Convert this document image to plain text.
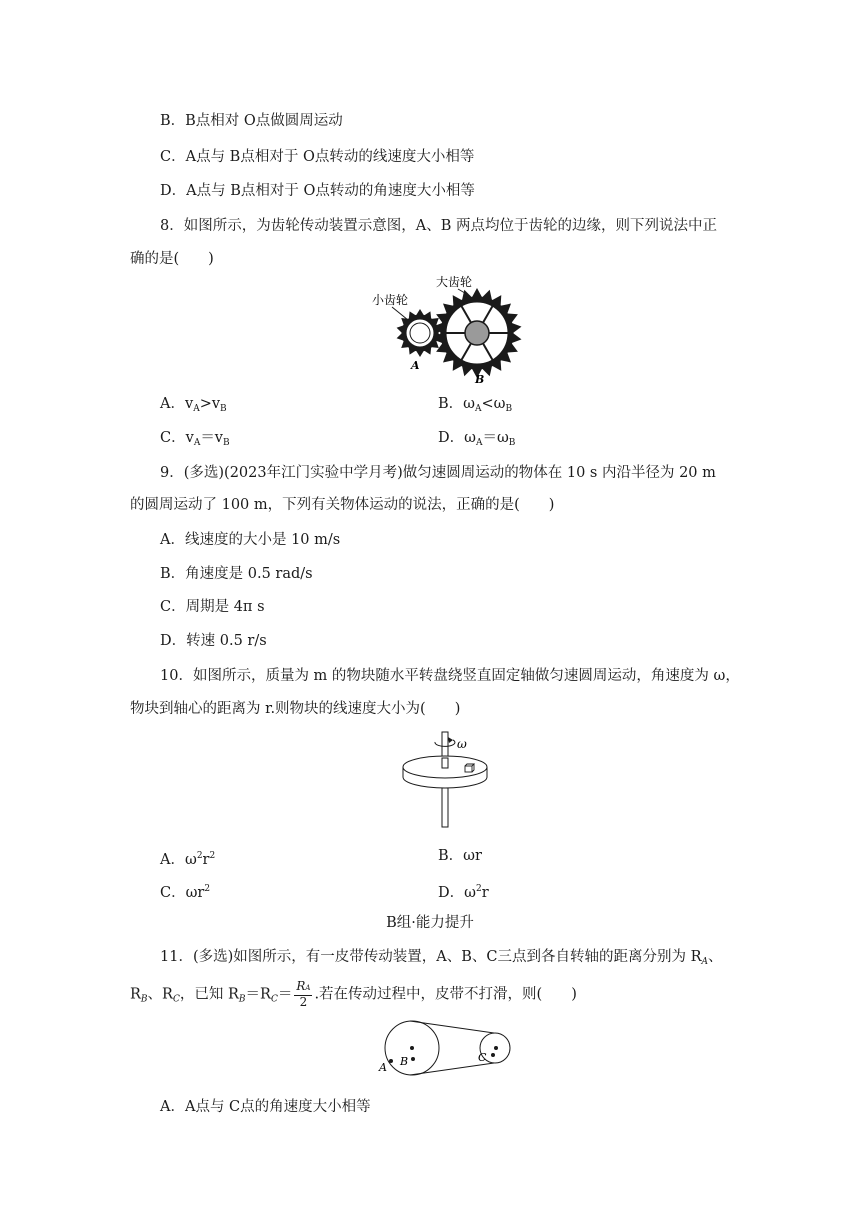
B．B点相对 O点做圆周运动
C．A点与 B点相对于 O点转动的线速度大小相等
D．A点与 B点相对于 O点转动的角速度大小相等
8．如图所示，为齿轮传动装置示意图，A、B 两点均位于齿轮的边缘，则下列说法中正
确的是(　　)
大齿轮
小齿轮
A
B
A．$v_A>v_B$	B．$\omega_A<\omega_B$
C．$v_A=v_B$	D．$\omega_A=\omega_B$
9．(多选)(2023年江门实验中学月考)做匀速圆周运动的物体在 10 s 内沿半径为 20 m
的圆周运动了 100 m，下列有关物体运动的说法，正确的是(　　)
A．线速度的大小是 10 m/s
B．角速度是 0.5 rad/s
C．周期是 4π s
D．转速 0.5 r/s
10．如图所示，质量为 m 的物块随水平转盘绕竖直固定轴做匀速圆周运动，角速度为 ω，
物块到轴心的距离为 r.则物块的线速度大小为(　　)
ω
A．$\omega^2r^2$	B．ωr
C．$\omega r^2$	D．$\omega^2r$
B组·能力提升
11．(多选)如图所示，有一皮带传动装置，A、B、C三点到各自转轴的距离分别为 $R_A$、
$R_B$、$R_C$，已知 $R_B=R_C= \frac{RA}{2}$ .若在传动过程中，皮带不打滑，则(　　)
A B	C
A．A点与 C点的角速度大小相等
